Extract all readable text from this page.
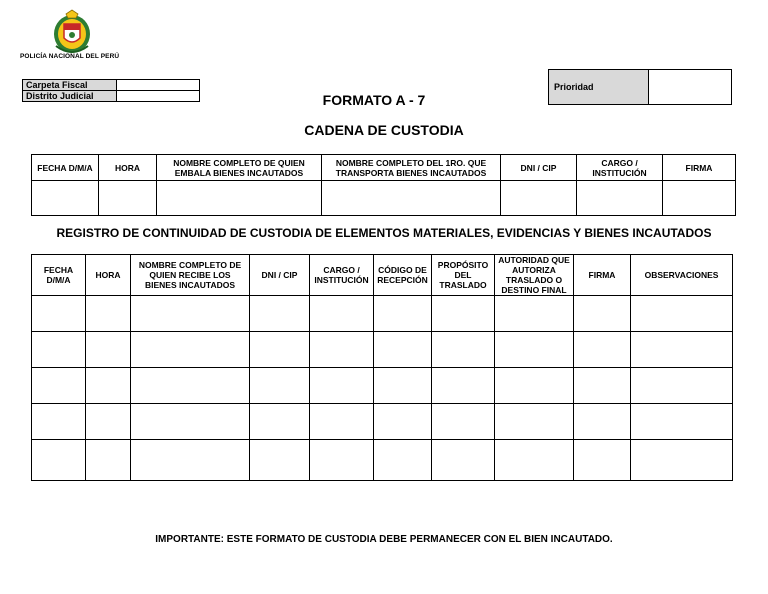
POLICÍA NACIONAL DEL PERÚ
Carpeta Fiscal	
Distrito Judicial	
Prioridad	
FORMATO A - 7
CADENA DE CUSTODIA
FECHA D/M/A	HORA	NOMBRE COMPLETO DE QUIEN EMBALA BIENES INCAUTADOS	NOMBRE COMPLETO DEL 1RO. QUE TRANSPORTA BIENES INCAUTADOS	DNI / CIP	CARGO / INSTITUCIÓN	FIRMA

REGISTRO DE CONTINUIDAD DE CUSTODIA DE ELEMENTOS MATERIALES, EVIDENCIAS Y BIENES INCAUTADOS
FECHA D/M/A	HORA	NOMBRE COMPLETO DE QUIEN RECIBE LOS BIENES INCAUTADOS	DNI / CIP	CARGO / INSTITUCIÓN	CÓDIGO DE RECEPCIÓN	PROPÓSITO DEL TRASLADO	AUTORIDAD QUE AUTORIZA TRASLADO O DESTINO FINAL	FIRMA	OBSERVACIONES

IMPORTANTE: ESTE FORMATO DE CUSTODIA DEBE PERMANECER CON EL BIEN INCAUTADO.
